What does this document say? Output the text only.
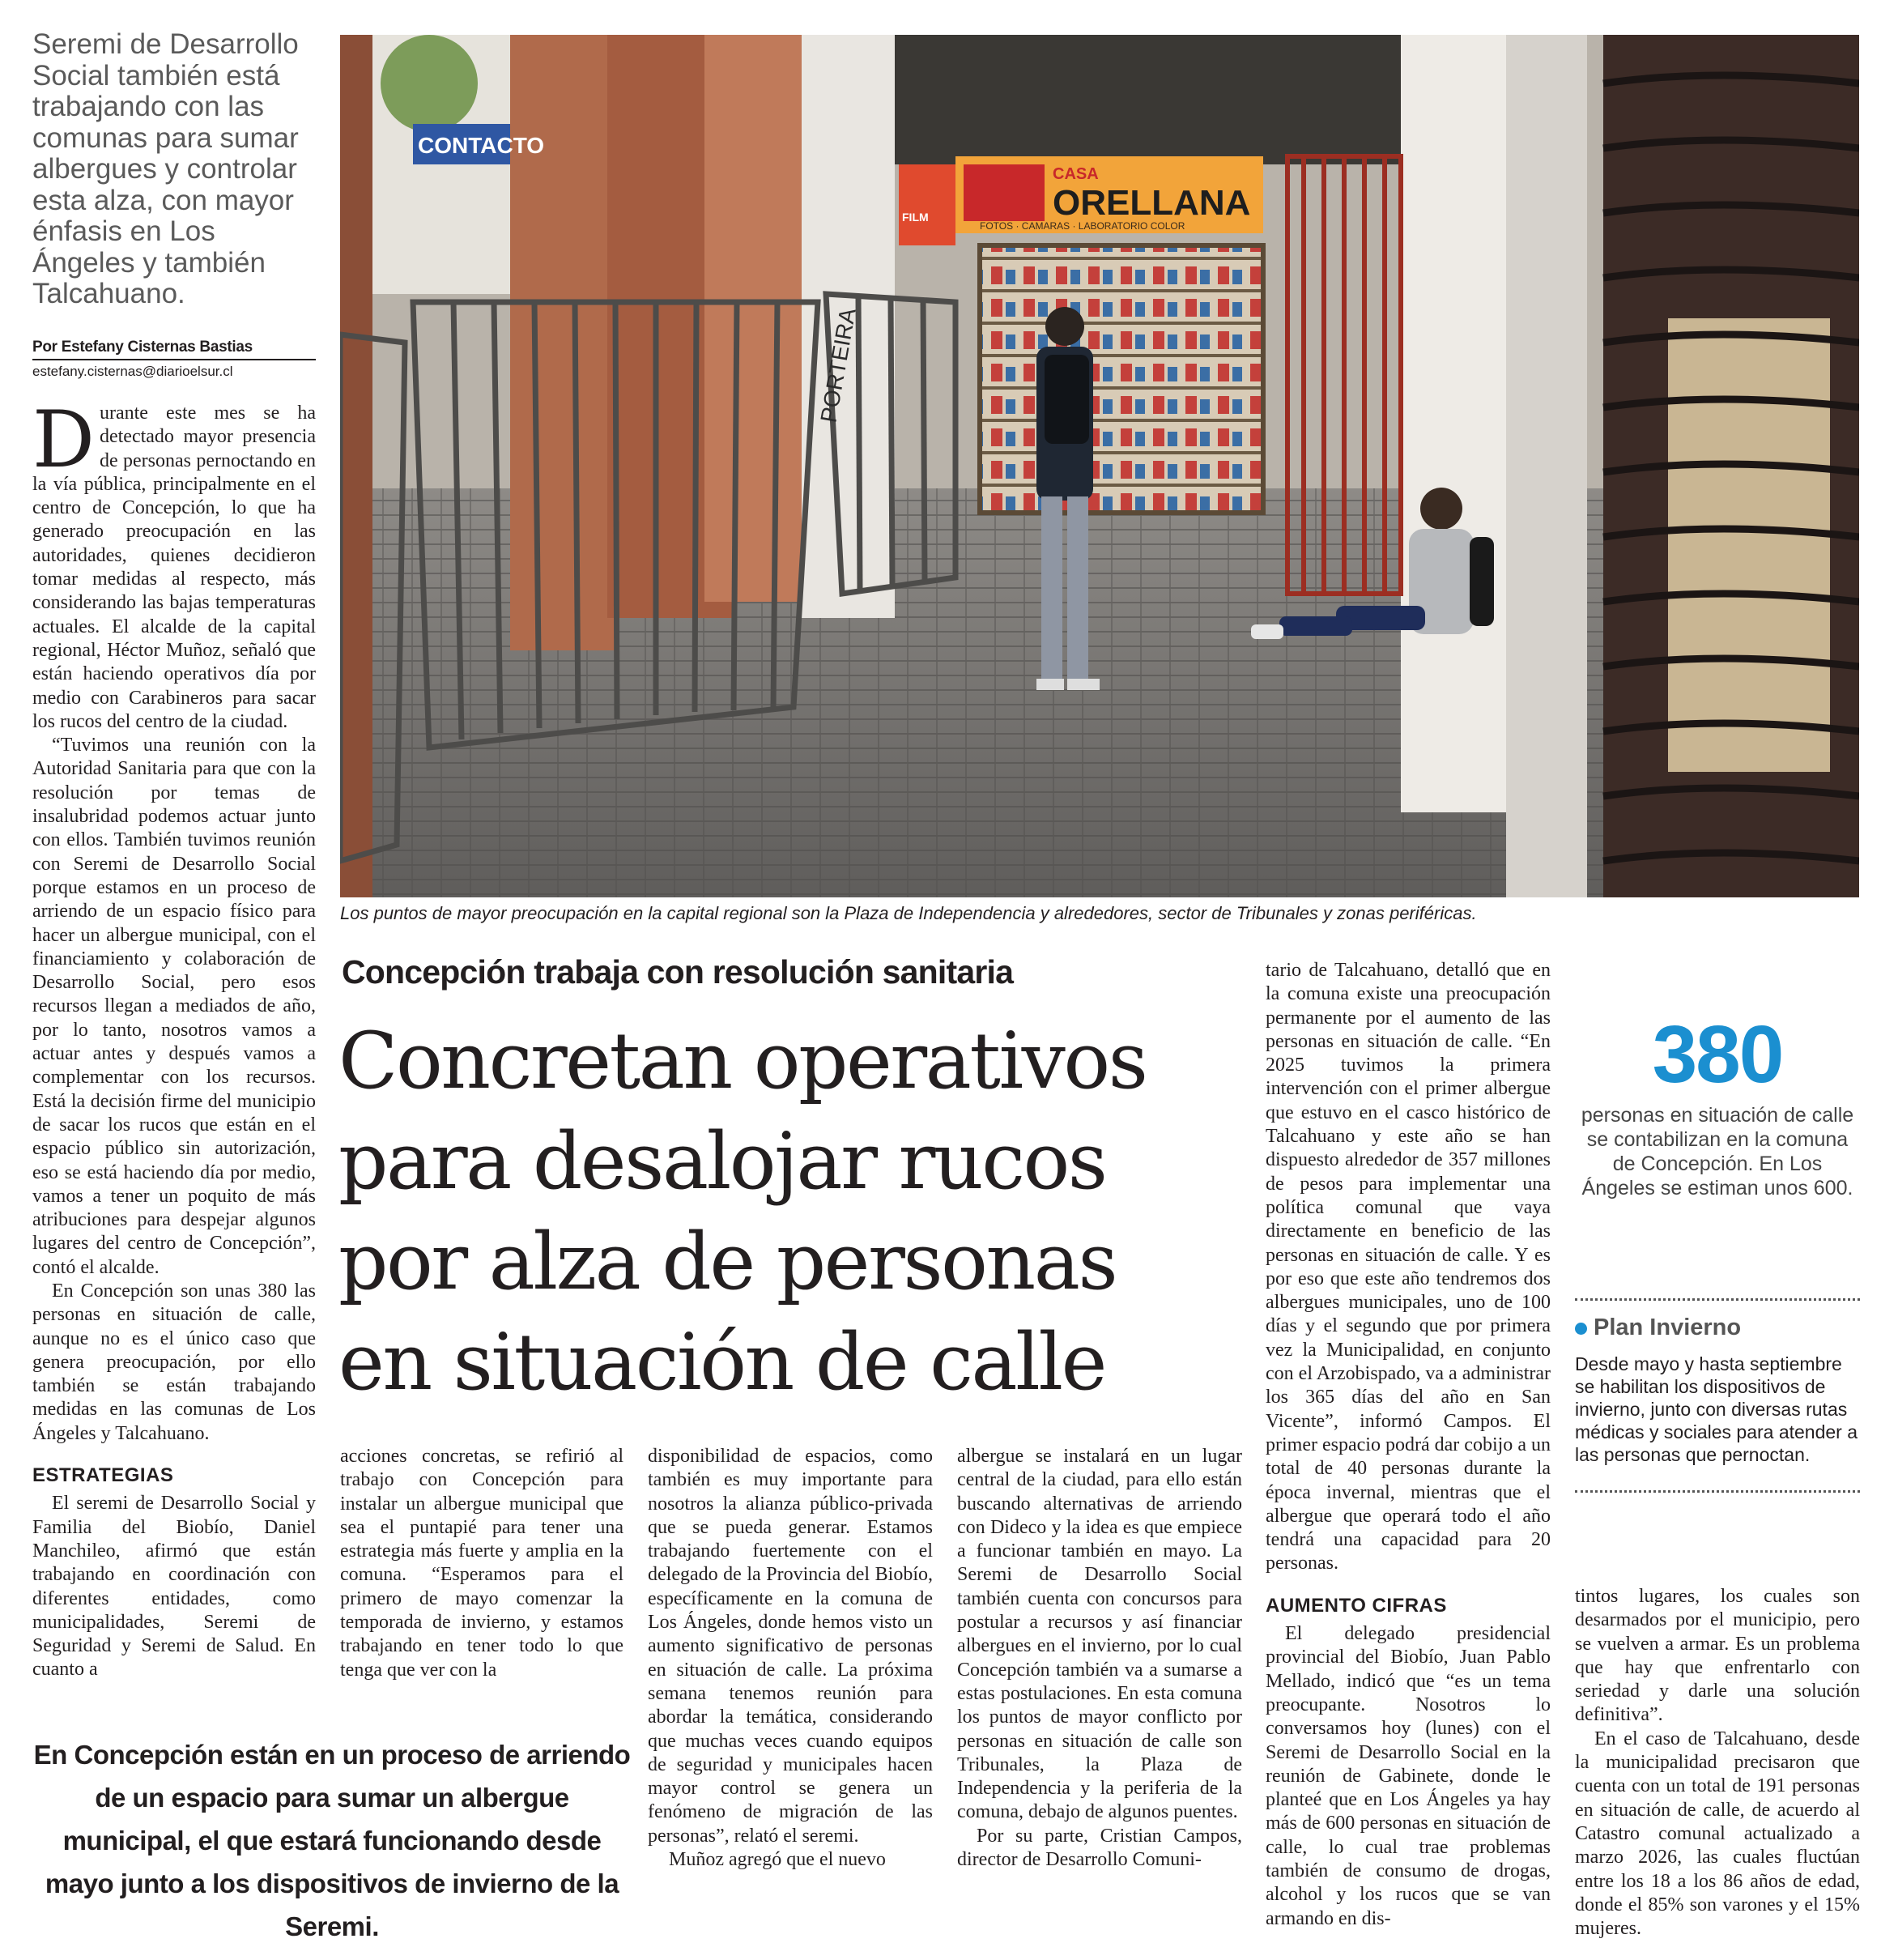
Seremi de Desarrollo Social también está trabajando con las comunas para sumar albergues y controlar esta alza, con mayor énfasis en Los Ángeles y también Talcahuano.
Por Estefany Cisternas Bastias
estefany.cisternas@diarioelsur.cl

Durante este mes se ha detectado mayor presencia de personas pernoctando en la vía pública, principalmente en el centro de Concepción, lo que ha generado preocupación en las autoridades, quienes decidieron tomar medidas al respecto, más considerando las bajas temperaturas actuales. El alcalde de la capital regional, Héctor Muñoz, señaló que están haciendo operativos día por medio con Carabineros para sacar los rucos del centro de la ciudad.

“Tuvimos una reunión con la Autoridad Sanitaria para que con la resolución por temas de insalubridad podemos actuar junto con ellos. También tuvimos reunión con Seremi de Desarrollo Social porque estamos en un proceso de arriendo de un espacio físico para hacer un albergue municipal, con el financiamiento y colaboración de Desarrollo Social, pero esos recursos llegan a mediados de año, por lo tanto, nosotros vamos a actuar antes y después vamos a complementar con los recursos. Está la decisión firme del municipio de sacar los rucos que están en el espacio público sin autorización, eso se está haciendo día por medio, vamos a tener un poquito de más atribuciones para despejar algunos lugares del centro de Concepción”, contó el alcalde.

En Concepción son unas 380 las personas en situación de calle, aunque no es el único caso que genera preocupación, por ello también se están trabajando medidas en las comunas de Los Ángeles y Talcahuano.

ESTRATEGIAS

El seremi de Desarrollo Social y Familia del Biobío, Daniel Manchileo, afirmó que están trabajando en coordinación con diferentes entidades, como municipalidades, Seremi de Seguridad y Seremi de Salud. En cuanto a

CONTACTO
CASA
ORELLANA
FOTOS · CAMARAS · LABORATORIO COLOR
FILM
PORTEIRA
Los puntos de mayor preocupación en la capital regional son la Plaza de Independencia y alrededores, sector de Tribunales y zonas periféricas.
Concepción trabaja con resolución sanitaria
Concretan operativos
para desalojar rucos
por alza de personas
en situación de calle

acciones concretas, se refirió al trabajo con Concepción para instalar un albergue municipal que sea el puntapié para tener una estrategia más fuerte y amplia en la comuna. “Esperamos para el primero de mayo comenzar la temporada de invierno, y estamos trabajando en tener todo lo que tenga que ver con la

disponibilidad de espacios, como también es muy importante para nosotros la alianza público-privada que se pueda generar. Estamos trabajando fuertemente con el delegado de la Provincia del Biobío, específicamente en la comuna de Los Ángeles, donde hemos visto un aumento significativo de personas en situación de calle. La próxima semana tenemos reunión para abordar la temática, considerando que muchas veces cuando equipos de seguridad y municipales hacen mayor control se genera un fenómeno de migración de las personas”, relató el seremi.

Muñoz agregó que el nuevo

albergue se instalará en un lugar central de la ciudad, para ello están buscando alternativas de arriendo con Dideco y la idea es que empiece a funcionar también en mayo. La Seremi de Desarrollo Social también cuenta con concursos para postular a recursos y así financiar albergues en el invierno, por lo cual Concepción también va a sumarse a estas postulaciones. En esta comuna los puntos de mayor conflicto por personas en situación de calle son Tribunales, la Plaza de Independencia y la periferia de la comuna, debajo de algunos puentes.

Por su parte, Cristian Campos, director de Desarrollo Comuni-

tario de Talcahuano, detalló que en la comuna existe una preocupación permanente por el aumento de las personas en situación de calle. “En 2025 tuvimos la primera intervención con el primer albergue que estuvo en el casco histórico de Talcahuano y este año se han dispuesto alrededor de 357 millones de pesos para implementar una política comunal que vaya directamente en beneficio de las personas en situación de calle. Y es por eso que este año tendremos dos albergues municipales, uno de 100 días y el segundo que por primera vez la Municipalidad, en conjunto con el Arzobispado, va a administrar los 365 días del año en San Vicente”, informó Campos. El primer espacio podrá dar cobijo a un total de 40 personas durante la época invernal, mientras que el albergue que operará todo el año tendrá una capacidad para 20 personas.

AUMENTO CIFRAS

El delegado presidencial provincial del Biobío, Juan Pablo Mellado, indicó que “es un tema preocupante. Nosotros lo conversamos hoy (lunes) con el Seremi de Desarrollo Social en la reunión de Gabinete, donde le planteé que en Los Ángeles ya hay más de 600 personas en situación de calle, lo cual trae problemas también de consumo de drogas, alcohol y los rucos que se van armando en dis-

380
personas en situación de calle se contabilizan en la comuna de Concepción. En Los Ángeles se estiman unos 600.
Plan Invierno
Desde mayo y hasta septiembre se habilitan los dispositivos de invierno, junto con diversas rutas médicas y sociales para atender a las personas que pernoctan.

tintos lugares, los cuales son desarmados por el municipio, pero se vuelven a armar. Es un problema que hay que enfrentarlo con seriedad y darle una solución definitiva”.

En el caso de Talcahuano, desde la municipalidad precisaron que cuenta con un total de 191 personas en situación de calle, de acuerdo al Catastro comunal actualizado a marzo 2026, las cuales fluctúan entre los 18 a los 86 años de edad, donde el 85% son varones y el 15% mujeres.

En Concepción están en un proceso de arriendo de un espacio para sumar un albergue municipal, el que estará funcionando desde mayo junto a los dispositivos de invierno de la Seremi.
